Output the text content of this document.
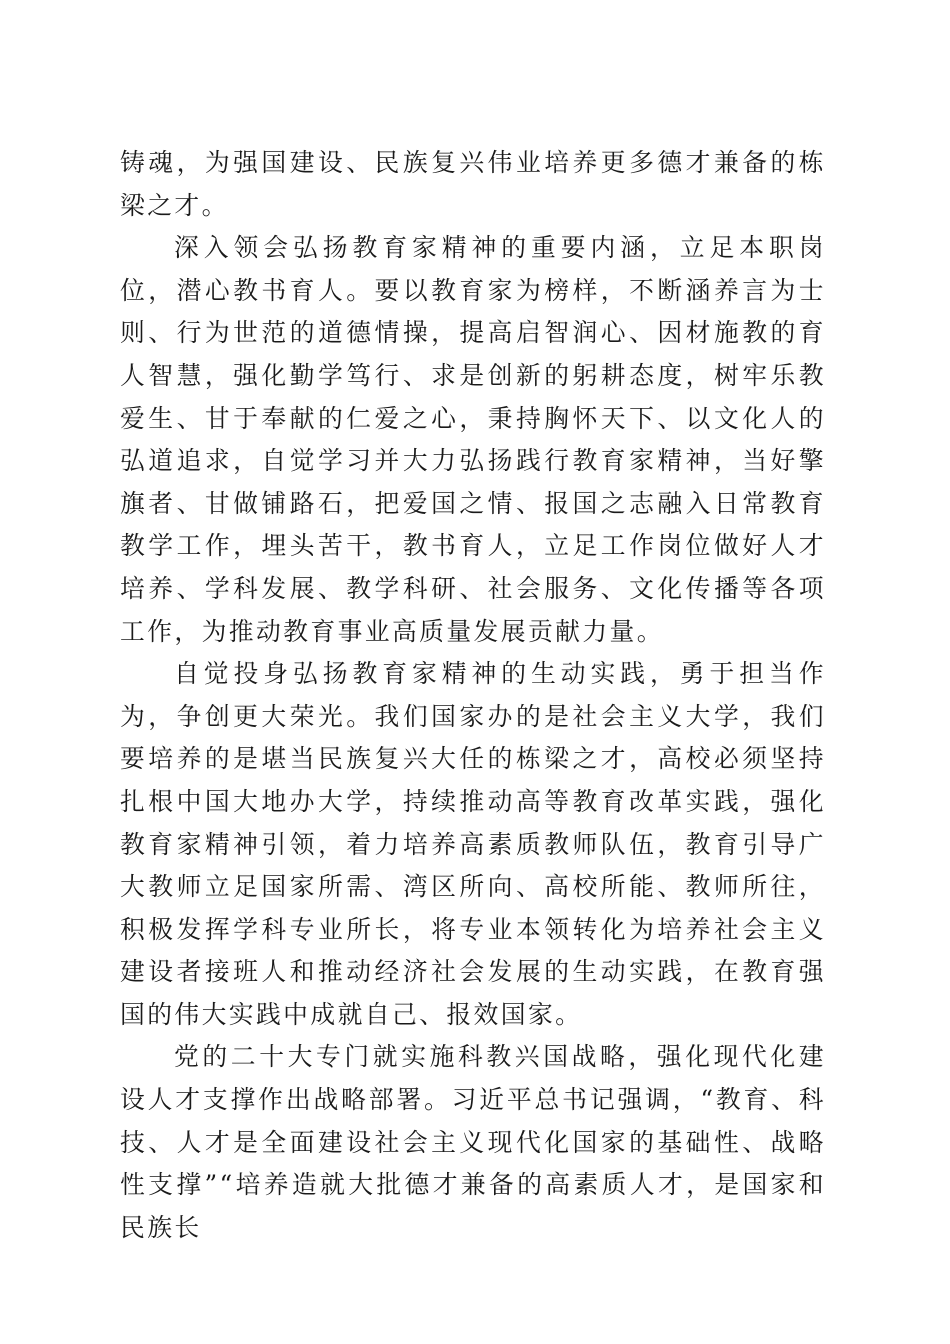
铸魂，为强国建设、民族复兴伟业培养更多德才兼备的栋梁之才。

深入领会弘扬教育家精神的重要内涵，立足本职岗位，潜心教书育人。要以教育家为榜样，不断涵养言为士则、行为世范的道德情操，提高启智润心、因材施教的育人智慧，强化勤学笃行、求是创新的躬耕态度，树牢乐教爱生、甘于奉献的仁爱之心，秉持胸怀天下、以文化人的弘道追求，自觉学习并大力弘扬践行教育家精神，当好擎旗者、甘做铺路石，把爱国之情、报国之志融入日常教育教学工作，埋头苦干，教书育人，立足工作岗位做好人才培养、学科发展、教学科研、社会服务、文化传播等各项工作，为推动教育事业高质量发展贡献力量。

自觉投身弘扬教育家精神的生动实践，勇于担当作为，争创更大荣光。我们国家办的是社会主义大学，我们要培养的是堪当民族复兴大任的栋梁之才，高校必须坚持扎根中国大地办大学，持续推动高等教育改革实践，强化教育家精神引领，着力培养高素质教师队伍，教育引导广大教师立足国家所需、湾区所向、高校所能、教师所往，积极发挥学科专业所长，将专业本领转化为培养社会主义建设者接班人和推动经济社会发展的生动实践，在教育强国的伟大实践中成就自己、报效国家。

党的二十大专门就实施科教兴国战略，强化现代化建设人才支撑作出战略部署。习近平总书记强调，“教育、科技、人才是全面建设社会主义现代化国家的基础性、战略性支撑”“培养造就大批德才兼备的高素质人才，是国家和民族长
